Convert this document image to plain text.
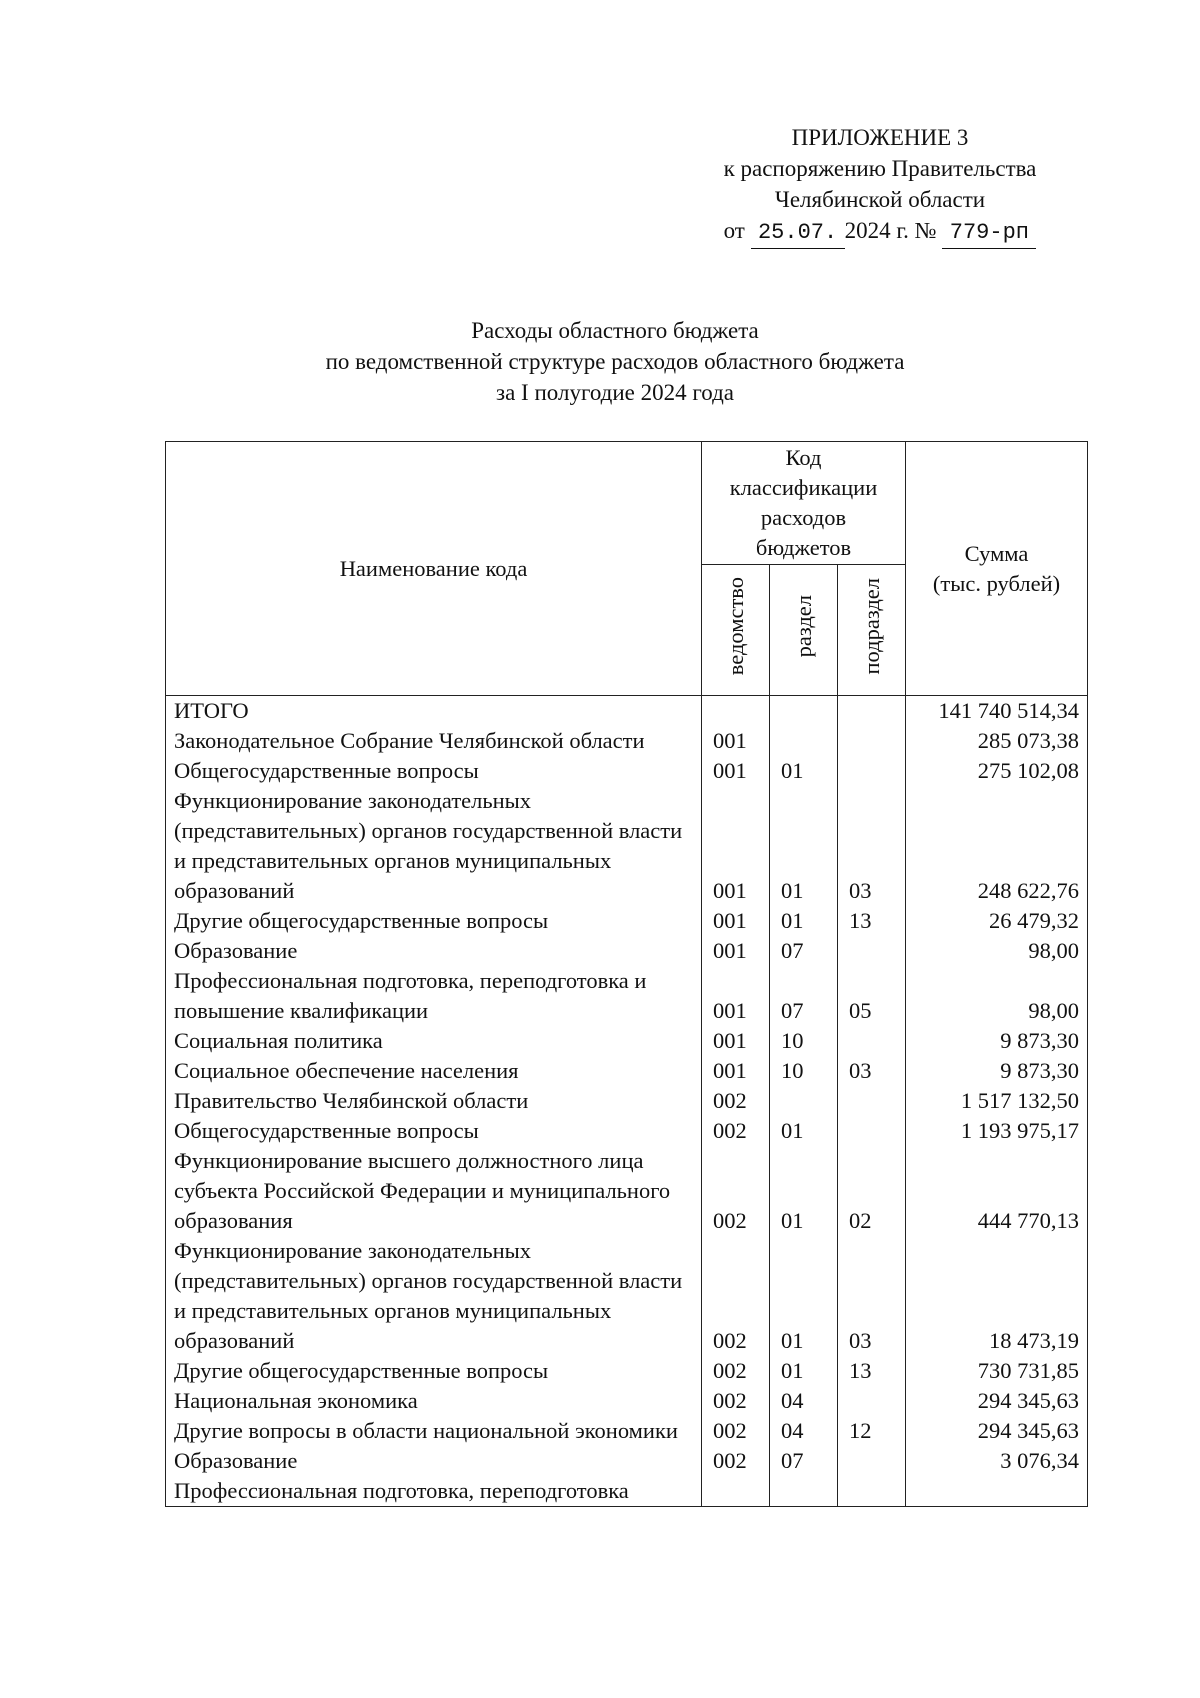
ПРИЛОЖЕНИЕ 3
к распоряжению Правительства
Челябинской области
от 25.07. 2024 г. № 779-рп
Расходы областного бюджета
по ведомственной структуре расходов областного бюджета
за I полугодие 2024 года
Наименование кода	Код
классификации
расходов
бюджетов			Сумма
(тыс. рублей)

	ведомство	раздел	подраздел	
ИТОГО				141 740 514,34
Законодательное Собрание Челябинской области	001			285 073,38
Общегосударственные вопросы	001	01		275 102,08
Функционирование законодательных (представительных) органов государственной власти и представительных органов муниципальных образований	001	01	03	248 622,76
Другие общегосударственные вопросы	001	01	13	26 479,32
Образование	001	07		98,00
Профессиональная подготовка, переподготовка и повышение квалификации	001	07	05	98,00
Социальная политика	001	10		9 873,30
Социальное обеспечение населения	001	10	03	9 873,30
Правительство Челябинской области	002			1 517 132,50
Общегосударственные вопросы	002	01		1 193 975,17
Функционирование высшего должностного лица субъекта Российской Федерации и муниципального образования	002	01	02	444 770,13
Функционирование законодательных (представительных) органов государственной власти и представительных органов муниципальных образований	002	01	03	18 473,19
Другие общегосударственные вопросы	002	01	13	730 731,85
Национальная экономика	002	04		294 345,63
Другие вопросы в области национальной экономики	002	04	12	294 345,63
Образование	002	07		3 076,34
Профессиональная подготовка, переподготовка				
